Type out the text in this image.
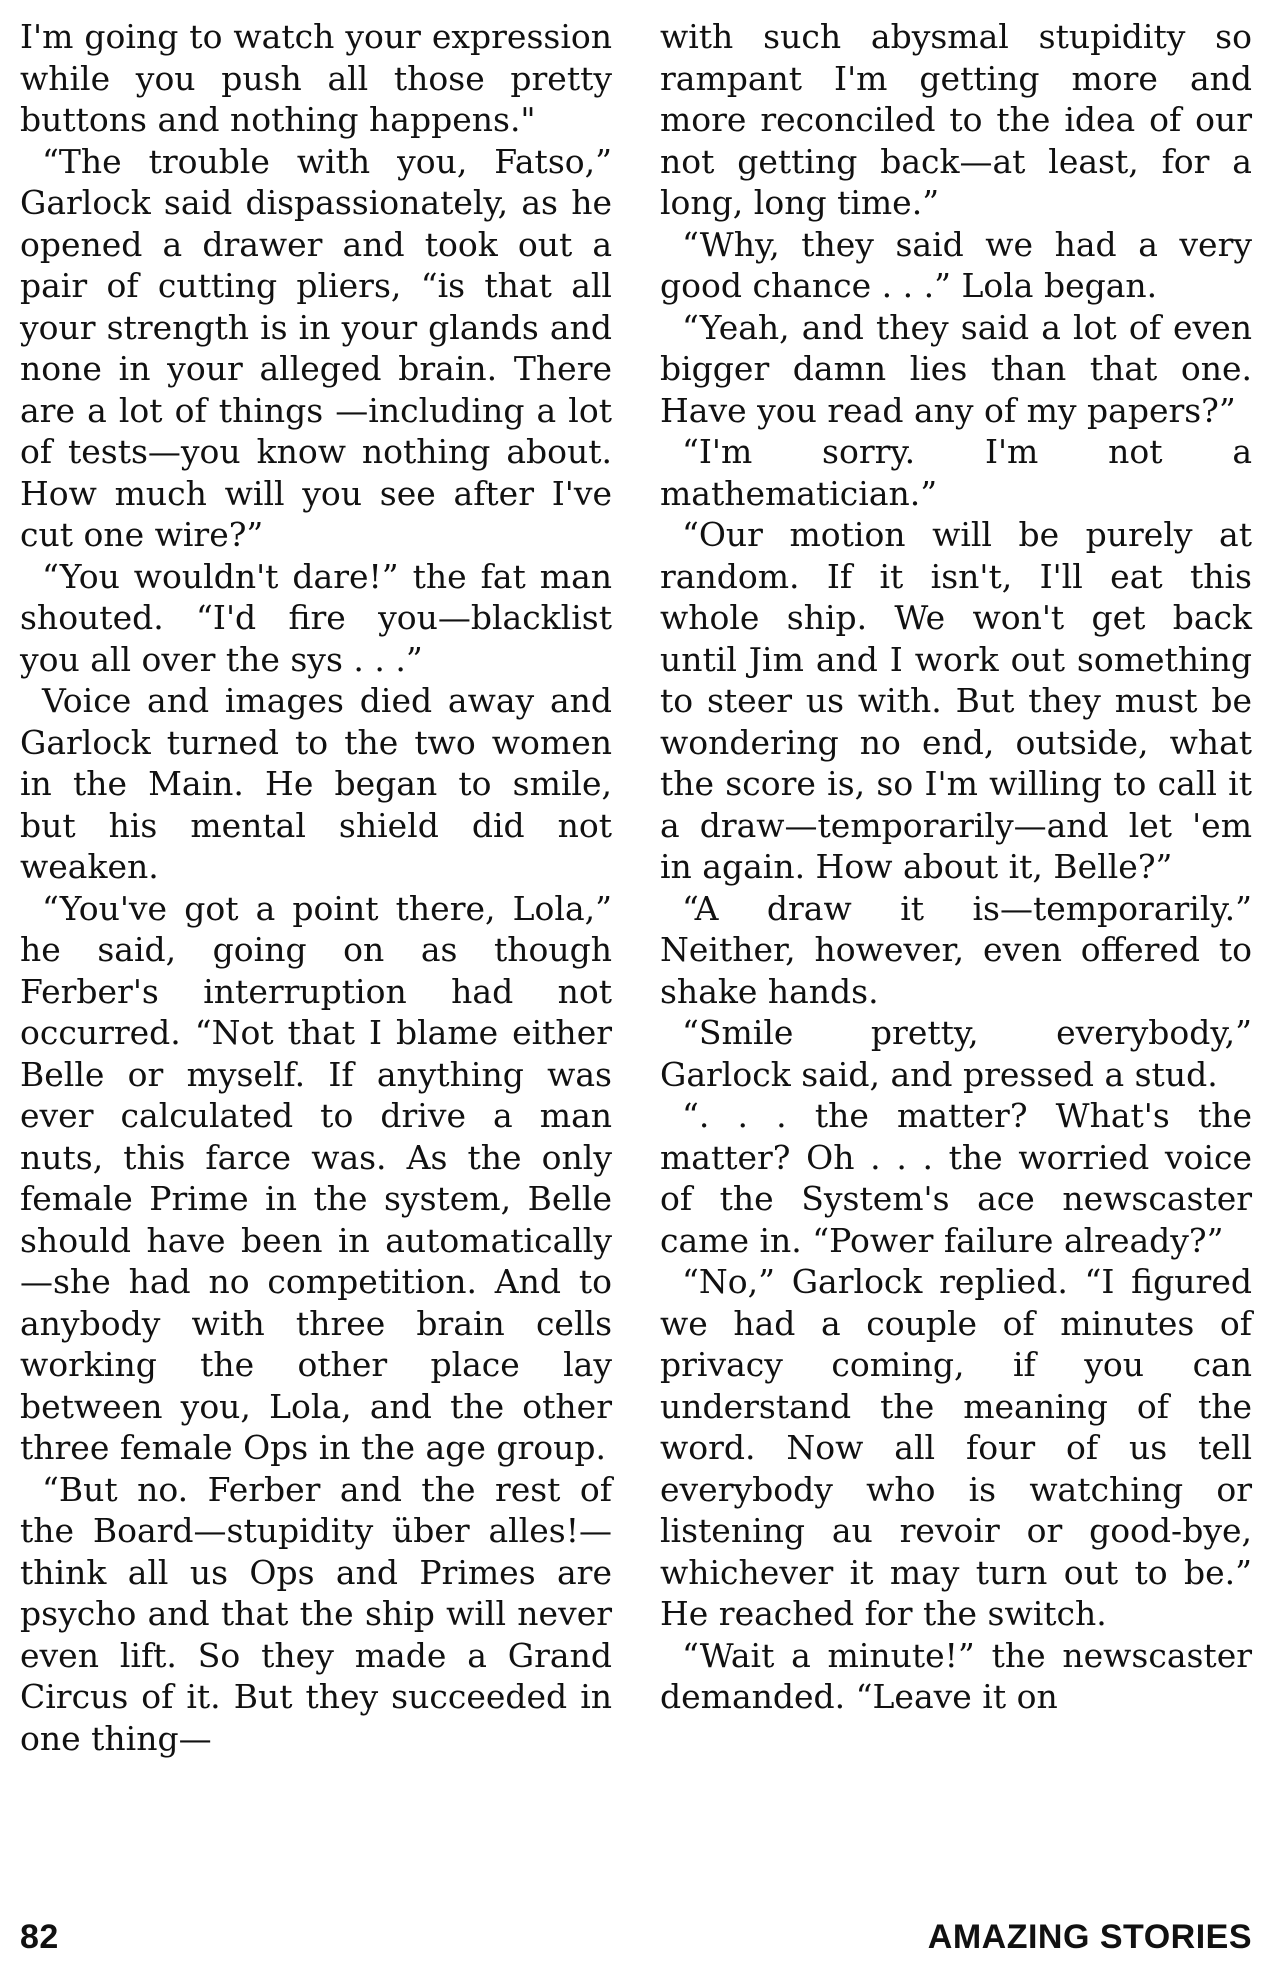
I'm going to watch your expression while you push all those pretty buttons and nothing happens."

“The trouble with you, Fatso,” Garlock said dispassionately, as he opened a drawer and took out a pair of cutting pliers, “is that all your strength is in your glands and none in your alleged brain. There are a lot of things —including a lot of tests—you know nothing about. How much will you see after I've cut one wire?”

“You wouldn't dare!” the fat man shouted. “I'd fire you—blacklist you all over the sys . . .”

Voice and images died away and Garlock turned to the two women in the Main. He began to smile, but his mental shield did not weaken.

“You've got a point there, Lola,” he said, going on as though Ferber's interruption had not occurred. “Not that I blame either Belle or myself. If anything was ever calculated to drive a man nuts, this farce was. As the only female Prime in the system, Belle should have been in automatically—she had no competition. And to anybody with three brain cells working the other place lay between you, Lola, and the other three female Ops in the age group.

“But no. Ferber and the rest of the Board—stupidity über alles!—think all us Ops and Primes are psycho and that the ship will never even lift. So they made a Grand Circus of it. But they succeeded in one thing—

with such abysmal stupidity so rampant I'm getting more and more reconciled to the idea of our not getting back—at least, for a long, long time.”

“Why, they said we had a very good chance . . .” Lola began.

“Yeah, and they said a lot of even bigger damn lies than that one. Have you read any of my papers?”

“I'm sorry. I'm not a mathematician.”

“Our motion will be purely at random. If it isn't, I'll eat this whole ship. We won't get back until Jim and I work out something to steer us with. But they must be wondering no end, outside, what the score is, so I'm willing to call it a draw—temporarily—and let 'em in again. How about it, Belle?”

“A draw it is—temporarily.” Neither, however, even offered to shake hands.

“Smile pretty, everybody,” Garlock said, and pressed a stud.

“. . . the matter? What's the matter? Oh . . . the worried voice of the System's ace newscaster came in. “Power failure already?”

“No,” Garlock replied. “I figured we had a couple of minutes of privacy coming, if you can understand the meaning of the word. Now all four of us tell everybody who is watching or listening au revoir or good-bye, whichever it may turn out to be.” He reached for the switch.

“Wait a minute!” the newscaster demanded. “Leave it on

82	AMAZING STORIES
